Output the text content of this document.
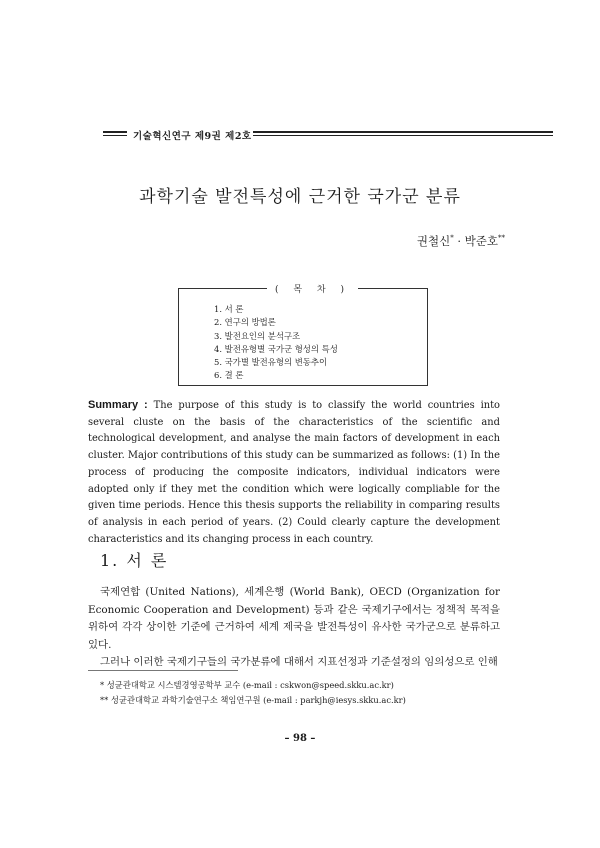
기술혁신연구 제9권 제2호
과학기술 발전특성에 근거한 국가군 분류
권철신* · 박준호**
( 목 차 )
1. 서 론
2. 연구의 방법론
3. 발전요인의 분석구조
4. 발전유형별 국가군 형성의 특성
5. 국가별 발전유형의 변동추이
6. 결 론
Summary : The purpose of this study is to classify the world countries into several cluste on the basis of the characteristics of the scientific and technological development, and analyse the main factors of development in each cluster. Major contributions of this study can be summarized as follows: (1) In the process of producing the composite indicators, individual indicators were adopted only if they met the condition which were logically compliable for the given time periods. Hence this thesis supports the reliability in comparing results of analysis in each period of years. (2) Could clearly capture the development characteristics and its changing process in each country.
1. 서 론

국제연합 (United Nations), 세계은행 (World Bank), OECD (Organization for Economic Cooperation and Development) 등과 같은 국제기구에서는 정책적 목적을 위하여 각각 상이한 기준에 근거하여 세계 제국을 발전특성이 유사한 국가군으로 분류하고 있다.

그러나 이러한 국제기구들의 국가분류에 대해서 지표선정과 기준설정의 임의성으로 인해

* 성균관대학교 시스템경영공학부 교수 (e-mail : cskwon@speed.skku.ac.kr)
** 성균관대학교 과학기술연구소 책임연구원 (e-mail : parkjh@iesys.skku.ac.kr)
– 98 –
